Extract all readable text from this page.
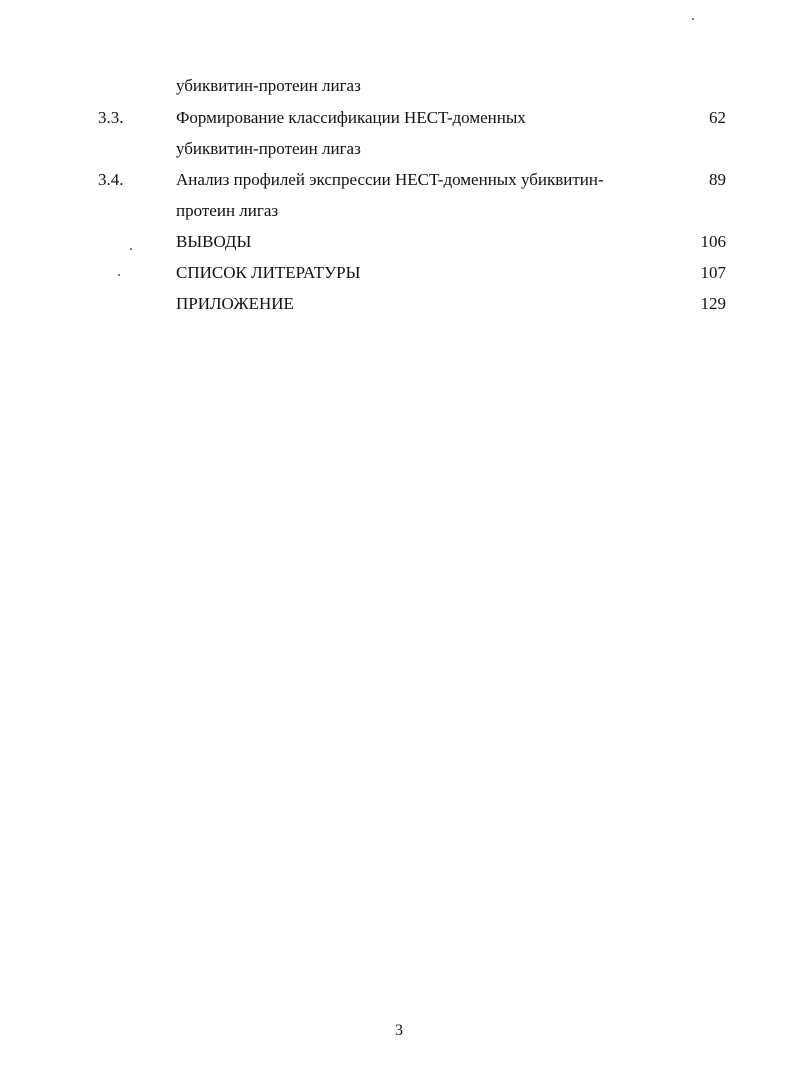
убиквитин-протеин лигаз
3.3.	Формирование классификации HECT-доменных	62
убиквитин-протеин лигаз
3.4.	Анализ профилей экспрессии HECT-доменных убиквитин-	89
протеин лигаз
ВЫВОДЫ	106
СПИСОК ЛИТЕРАТУРЫ	107
ПРИЛОЖЕНИЕ	129
3
